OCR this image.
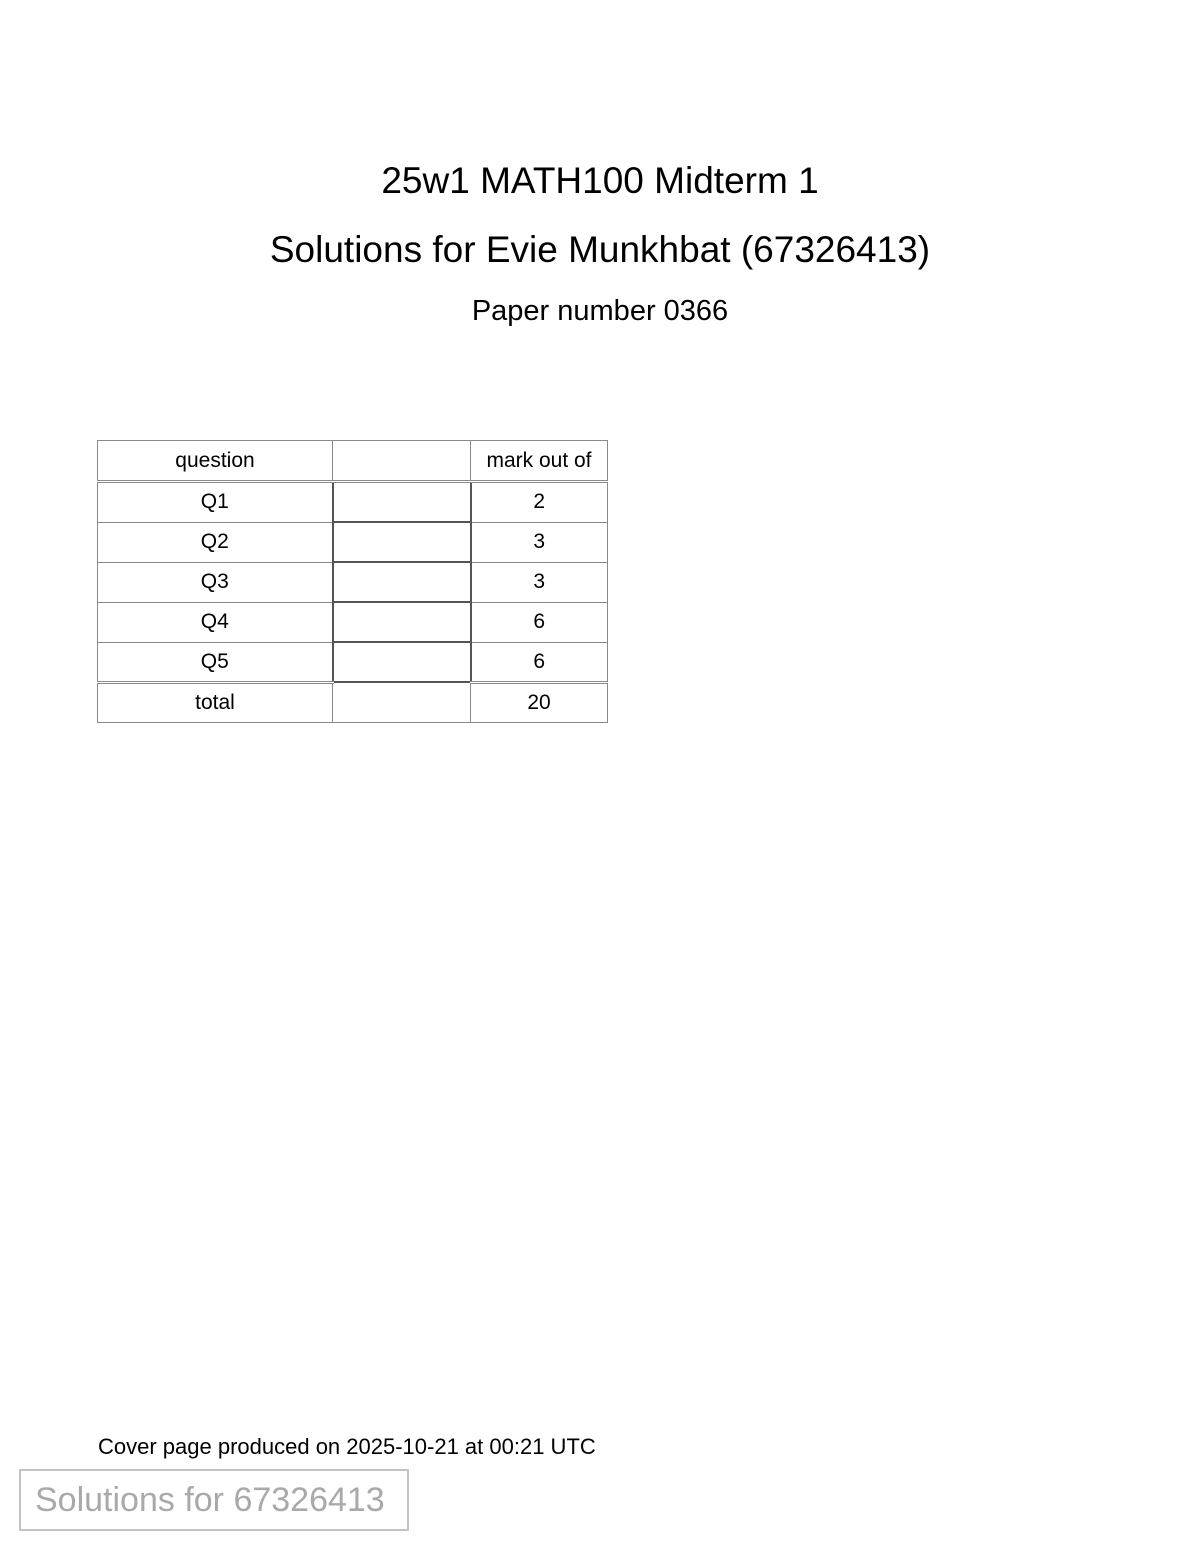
25w1 MATH100 Midterm 1
Solutions for Evie Munkhbat (67326413)
Paper number 0366
question		mark out of
Q1		2
Q2		3
Q3		3
Q4		6
Q5		6
total		20
Cover page produced on 2025-10-21 at 00:21 UTC
Solutions for 67326413
